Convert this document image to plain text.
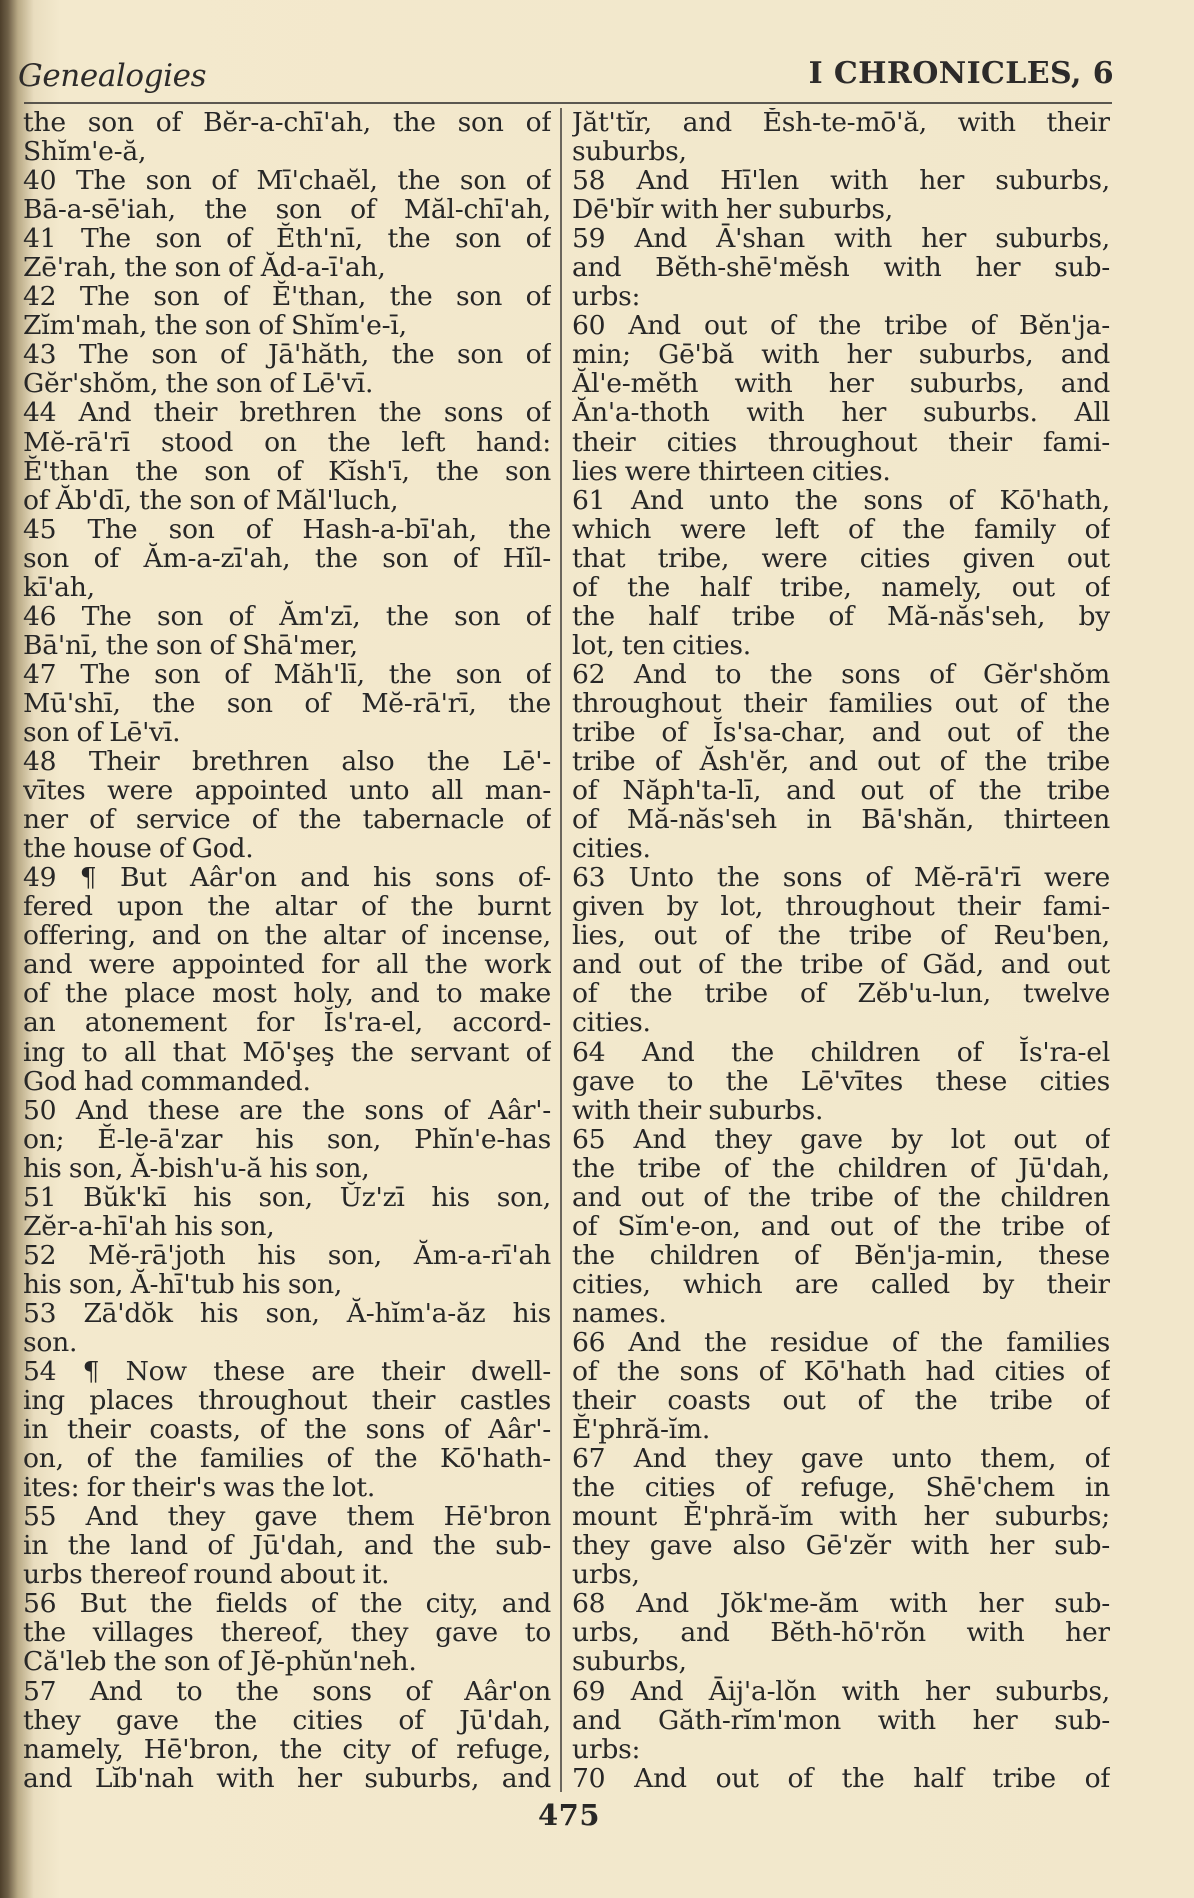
Genealogies	I CHRONICLES, 6
the son of Bĕr-a-chī'ah, the son of
Shĭm'e-ă,
40 The son of Mī'chaĕl, the son of
Bā-a-sē'iah, the son of Măl-chī'ah,
41 The son of Ĕth'nī, the son of
Zē'rah, the son of Ăd-a-ī'ah,
42 The son of Ĕ'than, the son of
Zĭm'mah, the son of Shĭm'e-ī,
43 The son of Jā'hăth, the son of
Gĕr'shŏm, the son of Lē'vī.
44 And their brethren the sons of
Mĕ-rā'rī stood on the left hand:
Ĕ'than the son of Kĭsh'ī, the son
of Ăb'dī, the son of Măl'luch,
45 The son of Hash-a-bī'ah, the
son of Ăm-a-zī'ah, the son of Hĭl-
kī'ah,
46 The son of Ăm'zī, the son of
Bā'nī, the son of Shā'mer,
47 The son of Măh'lī, the son of
Mū'shī, the son of Mĕ-rā'rī, the
son of Lē'vī.
48 Their brethren also the Lē'-
vītes were appointed unto all man-
ner of service of the tabernacle of
the house of God.
49 ¶ But Aâr'on and his sons of-
fered upon the altar of the burnt
offering, and on the altar of incense,
and were appointed for all the work
of the place most holy, and to make
an atonement for Ĭs'ra-el, accord-
ing to all that Mō'şeş the servant of
God had commanded.
50 And these are the sons of Aâr'-
on; Ĕ-le-ā'zar his son, Phĭn'e-has
his son, Ă-bish'u-ă his son,
51 Bŭk'kī his son, Ŭz'zī his son,
Zĕr-a-hī'ah his son,
52 Mĕ-rā'joth his son, Ăm-a-rī'ah
his son, Ă-hī'tub his son,
53 Zā'dŏk his son, Ă-hĭm'a-ăz his
son.
54 ¶ Now these are their dwell-
ing places throughout their castles
in their coasts, of the sons of Aâr'-
on, of the families of the Kō'hath-
ites: for their's was the lot.
55 And they gave them Hē'bron
in the land of Jū'dah, and the sub-
urbs thereof round about it.
56 But the fields of the city, and
the villages thereof, they gave to
Că'leb the son of Jĕ-phŭn'neh.
57 And to the sons of Aâr'on
they gave the cities of Jū'dah,
namely, Hē'bron, the city of refuge,
and Lĭb'nah with her suburbs, and
Jăt'tĭr, and Ĕsh-te-mō'ă, with their
suburbs,
58 And Hī'len with her suburbs,
Dē'bĭr with her suburbs,
59 And Ā'shan with her suburbs,
and Bĕth-shē'mĕsh with her sub-
urbs:
60 And out of the tribe of Bĕn'ja-
min; Gē'bă with her suburbs, and
Ăl'e-mĕth with her suburbs, and
Ăn'a-thoth with her suburbs. All
their cities throughout their fami-
lies were thirteen cities.
61 And unto the sons of Kō'hath,
which were left of the family of
that tribe, were cities given out
of the half tribe, namely, out of
the half tribe of Mă-năs'seh, by
lot, ten cities.
62 And to the sons of Gĕr'shŏm
throughout their families out of the
tribe of Ĭs'sa-char, and out of the
tribe of Ăsh'ĕr, and out of the tribe
of Năph'ta-lī, and out of the tribe
of Mă-năs'seh in Bā'shăn, thirteen
cities.
63 Unto the sons of Mĕ-rā'rī were
given by lot, throughout their fami-
lies, out of the tribe of Reu'ben,
and out of the tribe of Găd, and out
of the tribe of Zĕb'u-lun, twelve
cities.
64 And the children of Ĭs'ra-el
gave to the Lē'vītes these cities
with their suburbs.
65 And they gave by lot out of
the tribe of the children of Jū'dah,
and out of the tribe of the children
of Sĭm'e-on, and out of the tribe of
the children of Bĕn'ja-min, these
cities, which are called by their
names.
66 And the residue of the families
of the sons of Kō'hath had cities of
their coasts out of the tribe of
Ĕ'phră-ĭm.
67 And they gave unto them, of
the cities of refuge, Shē'chem in
mount Ĕ'phră-ĭm with her suburbs;
they gave also Gē'zĕr with her sub-
urbs,
68 And Jŏk'me-ăm with her sub-
urbs, and Bĕth-hō'rŏn with her
suburbs,
69 And Āij'a-lŏn with her suburbs,
and Găth-rĭm'mon with her sub-
urbs:
70 And out of the half tribe of
475
